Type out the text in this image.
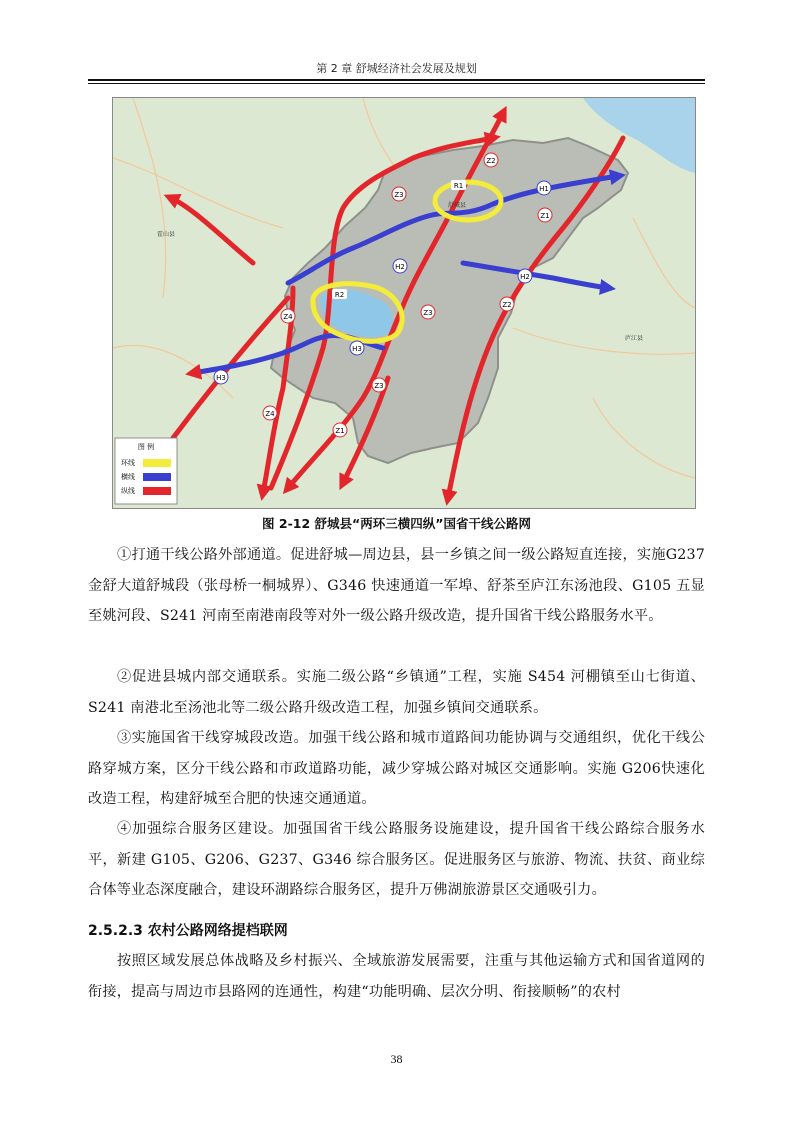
第 2 章 舒城经济社会发展及规划
R1
R2
H1
H2
H2
H3
H3
Z1
Z1
Z2
Z2
Z3
Z3
Z3
Z4
Z4
舒城县
庐江县
霍山县
图 例
环线
横线
纵线
图 2-12 舒城县“两环三横四纵”国省干线公路网

①打通干线公路外部通道。促进舒城—周边县，县一乡镇之间一级公路短直连接，实施G237 金舒大道舒城段（张母桥一桐城界）、G346 快速通道一军埠、舒茶至庐江东汤池段、G105 五显至姚河段、S241 河南至南港南段等对外一级公路升级改造，提升国省干线公路服务水平。

②促进县城内部交通联系。实施二级公路“乡镇通”工程，实施 S454 河棚镇至山七街道、S241 南港北至汤池北等二级公路升级改造工程，加强乡镇间交通联系。

③实施国省干线穿城段改造。加强干线公路和城市道路间功能协调与交通组织，优化干线公路穿城方案，区分干线公路和市政道路功能，减少穿城公路对城区交通影响。实施 G206快速化改造工程，构建舒城至合肥的快速交通通道。

④加强综合服务区建设。加强国省干线公路服务设施建设，提升国省干线公路综合服务水平，新建 G105、G206、G237、G346 综合服务区。促进服务区与旅游、物流、扶贫、商业综合体等业态深度融合，建设环湖路综合服务区，提升万佛湖旅游景区交通吸引力。

2.5.2.3 农村公路网络提档联网

按照区域发展总体战略及乡村振兴、全域旅游发展需要，注重与其他运输方式和国省道网的衔接，提高与周边市县路网的连通性，构建“功能明确、层次分明、衔接顺畅”的农村

38
